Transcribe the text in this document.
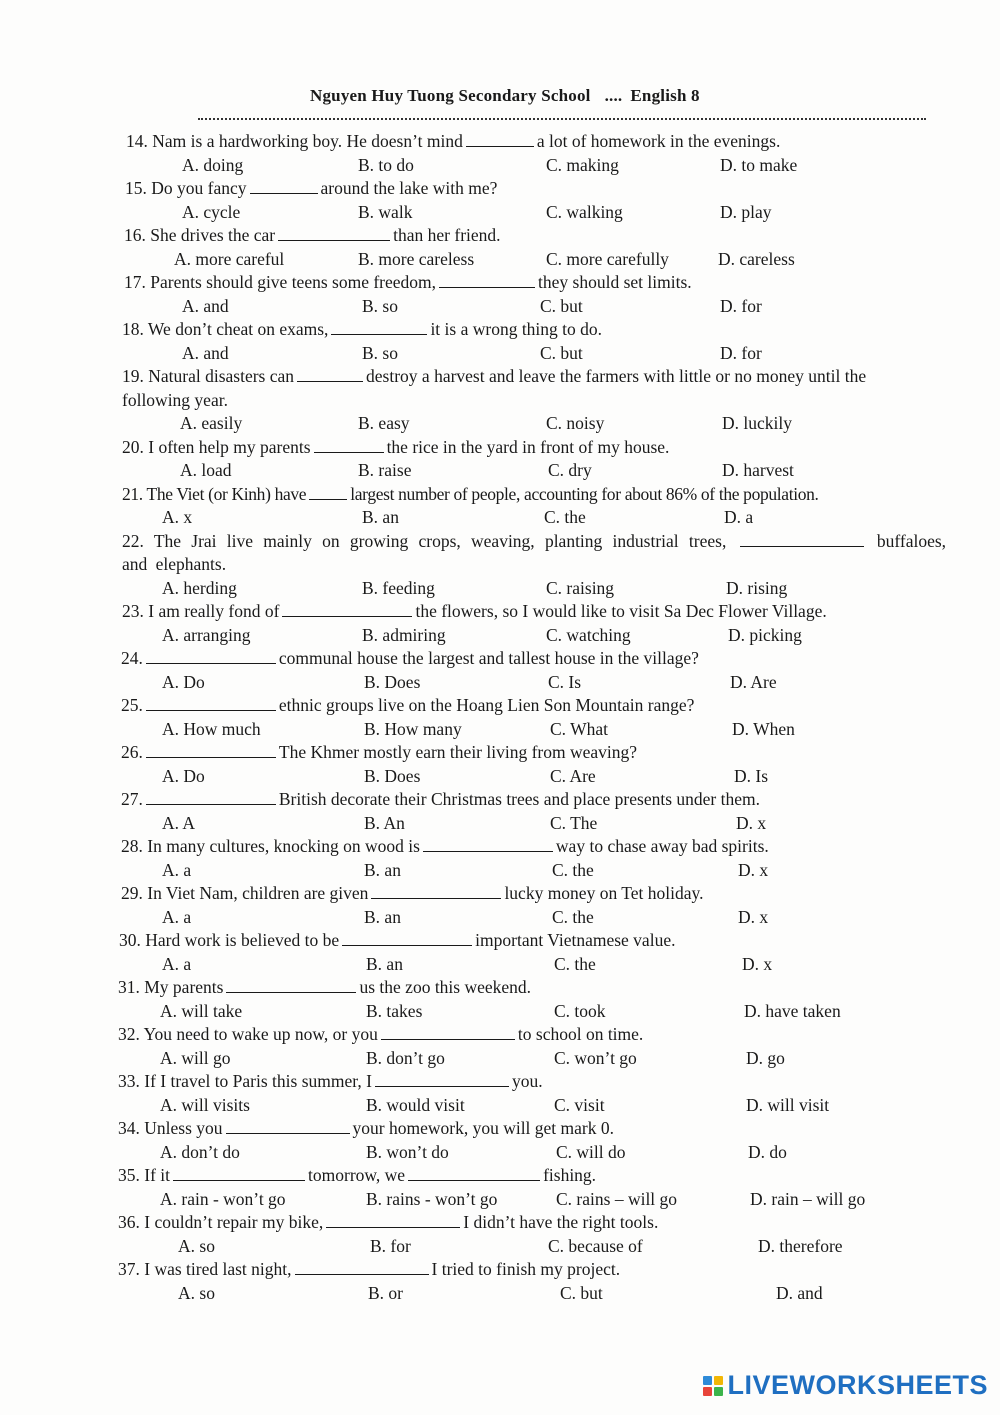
Nguyen Huy Tuong Secondary School .... English 8
14. Nam is a hardworking boy. He doesn’t mind	a lot of homework in the evenings.
A. doing	B. to do	C. making	D. to make
15. Do you fancy	around the lake with me?
A. cycle	B. walk	C. walking	D. play
16. She drives the car	than her friend.
A. more careful	B. more careless	C. more carefully	D. careless
17. Parents should give teens some freedom,	they should set limits.
A. and	B. so	C. but	D. for
18. We don’t cheat on exams,	it is a wrong thing to do.
A. and	B. so	C. but	D. for
19. Natural disasters can	destroy a harvest and leave the farmers with little or no money until the following year.
A. easily	B. easy	C. noisy	D. luckily
20. I often help my parents	the rice in the yard in front of my house.
A. load	B. raise	C. dry	D. harvest
21. The Viet (or Kinh) have	largest number of people, accounting for about 86% of the population.
A. x	B. an	C. the	D. a
22. The Jrai live mainly on growing crops, weaving, planting industrial trees,	buffaloes, and elephants.
A. herding	B. feeding	C. raising	D. rising
23. I am really fond of	the flowers, so I would like to visit Sa Dec Flower Village.
A. arranging	B. admiring	C. watching	D. picking
24.	communal house the largest and tallest house in the village?
A. Do	B. Does	C. Is	D. Are
25.	ethnic groups live on the Hoang Lien Son Mountain range?
A. How much	B. How many	C. What	D. When
26.	The Khmer mostly earn their living from weaving?
A. Do	B. Does	C. Are	D. Is
27.	British decorate their Christmas trees and place presents under them.
A. A	B. An	C. The	D. x
28. In many cultures, knocking on wood is	way to chase away bad spirits.
A. a	B. an	C. the	D. x
29. In Viet Nam, children are given	lucky money on Tet holiday.
A. a	B. an	C. the	D. x
30. Hard work is believed to be	important Vietnamese value.
A. a	B. an	C. the	D. x
31. My parents	us the zoo this weekend.
A. will take	B. takes	C. took	D. have taken
32. You need to wake up now, or you	to school on time.
A. will go	B. don’t go	C. won’t go	D. go
33. If I travel to Paris this summer, I	you.
A. will visits	B. would visit	C. visit	D. will visit
34. Unless you	your homework, you will get mark 0.
A. don’t do	B. won’t do	C. will do	D. do
35. If it	tomorrow, we	fishing.
A. rain - won’t go	B. rains - won’t go	C. rains – will go	D. rain – will go
36. I couldn’t repair my bike,	I didn’t have the right tools.
A. so	B. for	C. because of	D. therefore
37. I was tired last night,	I tried to finish my project.
A. so	B. or	C. but	D. and
LIVEWORKSHEETS
